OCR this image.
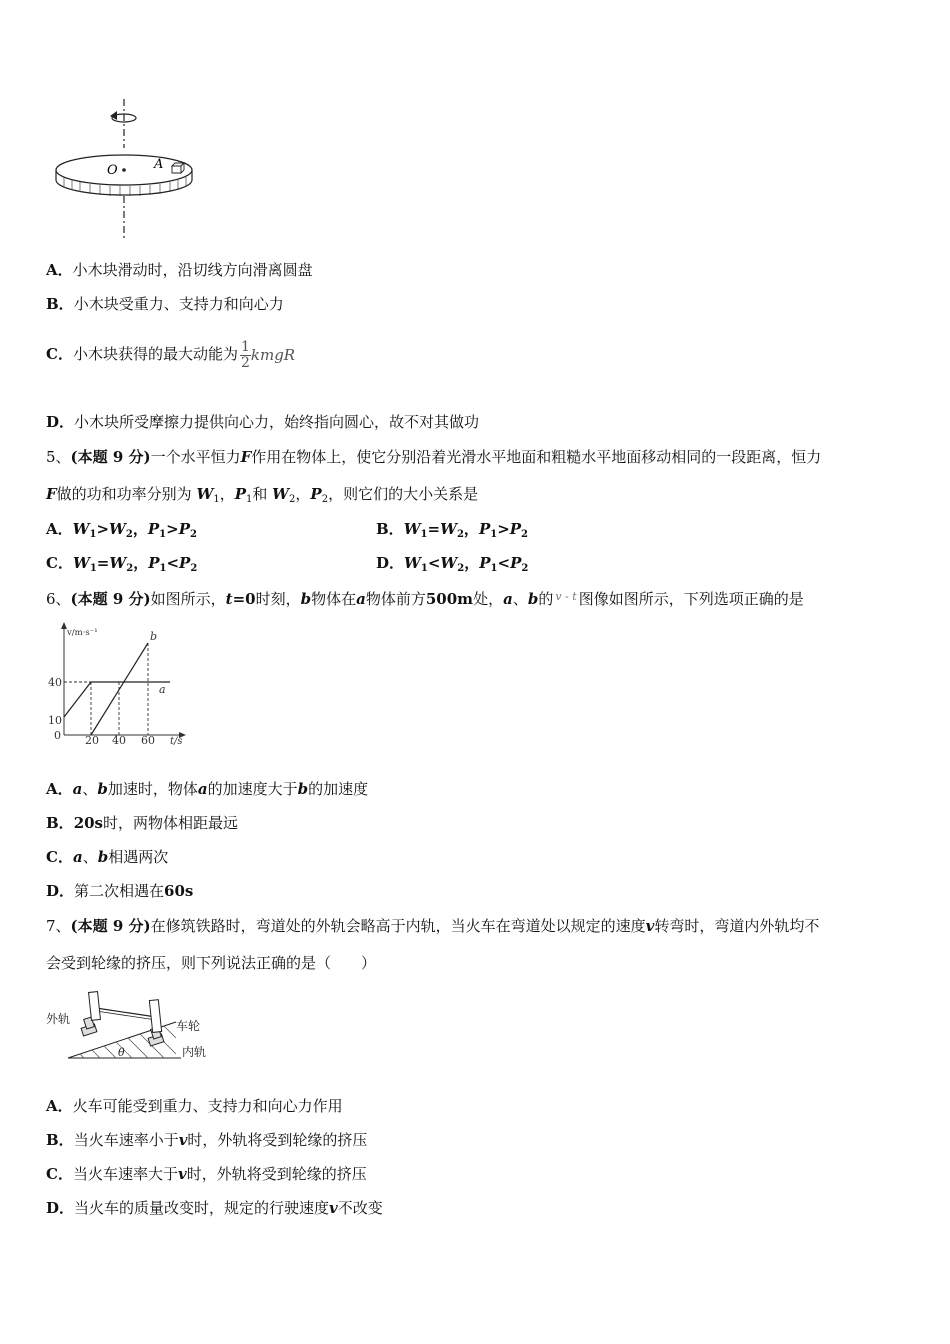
O	A
A．小木块滑动时，沿切线方向滑离圆盘
B．小木块受重力、支持力和向心力
C．小木块获得的最大动能为 $\frac{1}{2}$ kmgR
D．小木块所受摩擦力提供向心力，始终指向圆心，故不对其做功
5、(本题 9 分)一个水平恒力F作用在物体上，使它分别沿着光滑水平地面和粗糙水平地面移动相同的一段距离，恒力
F做的功和功率分别为 $W_1$，$P_1$和 $W_2$，$P_2$，则它们的大小关系是
A．$W_1>W_2$，$P_1>P_2$	B．$W_1=W_2$，$P_1>P_2$
C．$W_1=W_2$，$P_1<P_2$	D．$W_1<W_2$，$P_1<P_2$
6、(本题 9 分)如图所示，t=0时刻，b物体在a物体前方500m处，a、b的 v - t 图像如图所示，下列选项正确的是
v/m·s⁻¹
t/s
0
10
40
20 40 60
a
b
A．a、b加速时，物体a的加速度大于b的加速度
B．20s时，两物体相距最远
C．a、b相遇两次
D．第二次相遇在60s
7、(本题 9 分)在修筑铁路时，弯道处的外轨会略高于内轨，当火车在弯道处以规定的速度v转弯时，弯道内外轨均不
会受到轮缘的挤压，则下列说法正确的是（　　）
外轨	车轮
内轨
θ
A．火车可能受到重力、支持力和向心力作用
B．当火车速率小于v时，外轨将受到轮缘的挤压
C．当火车速率大于v时，外轨将受到轮缘的挤压
D．当火车的质量改变时，规定的行驶速度v不改变
